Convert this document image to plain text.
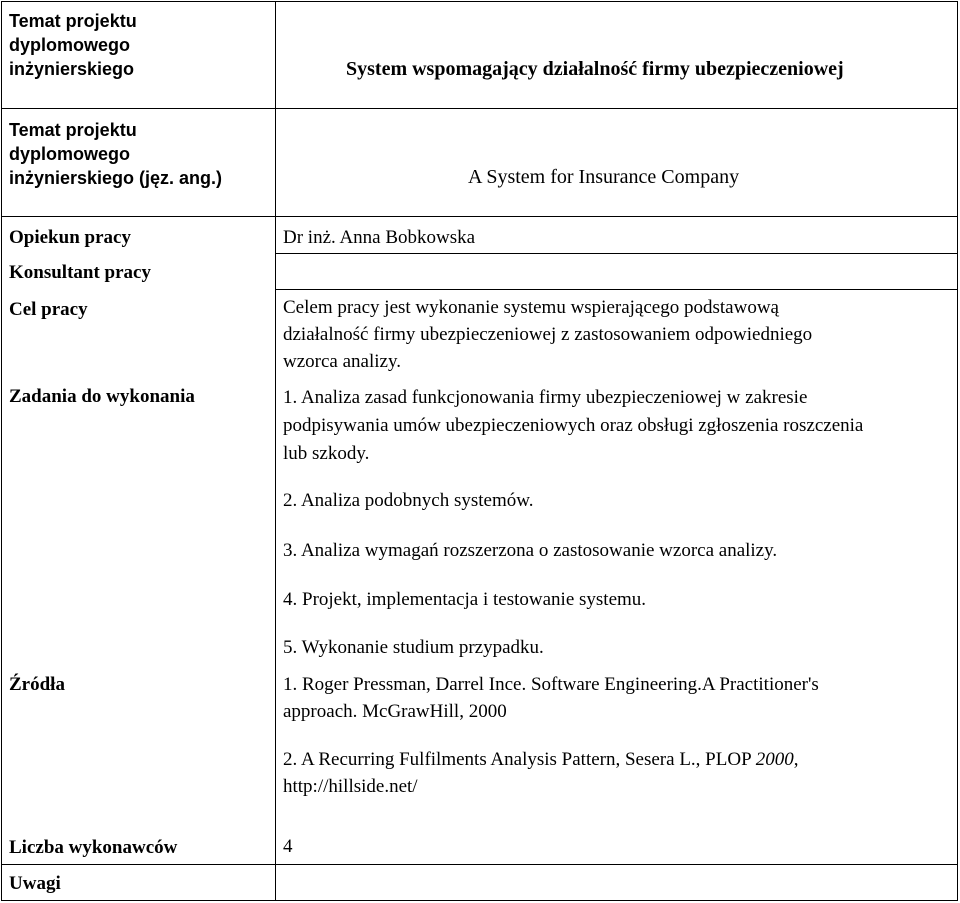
Temat projektu
dyplomowego
inżynierskiego	System wspomagający działalność firmy ubezpieczeniowej
Temat projektu
dyplomowego
inżynierskiego (jęz. ang.)	A System for Insurance Company
Opiekun pracy	Dr inż. Anna Bobkowska
Konsultant pracy
Cel pracy	Celem pracy jest wykonanie systemu wspierającego podstawową
działalność firmy ubezpieczeniowej z zastosowaniem odpowiedniego
wzorca analizy.
Zadania do wykonania	1. Analiza zasad funkcjonowania firmy ubezpieczeniowej w zakresie
podpisywania umów ubezpieczeniowych oraz obsługi zgłoszenia roszczenia
lub szkody.
2. Analiza podobnych systemów.
3. Analiza wymagań rozszerzona o zastosowanie wzorca analizy.
4. Projekt, implementacja i testowanie systemu.
5. Wykonanie studium przypadku.
Źródła	1. Roger Pressman, Darrel Ince. Software Engineering.A Practitioner's
approach. McGrawHill, 2000
2. A Recurring Fulfilments Analysis Pattern, Sesera L., PLOP 2000,
http://hillside.net/
Liczba wykonawców	4
Uwagi
